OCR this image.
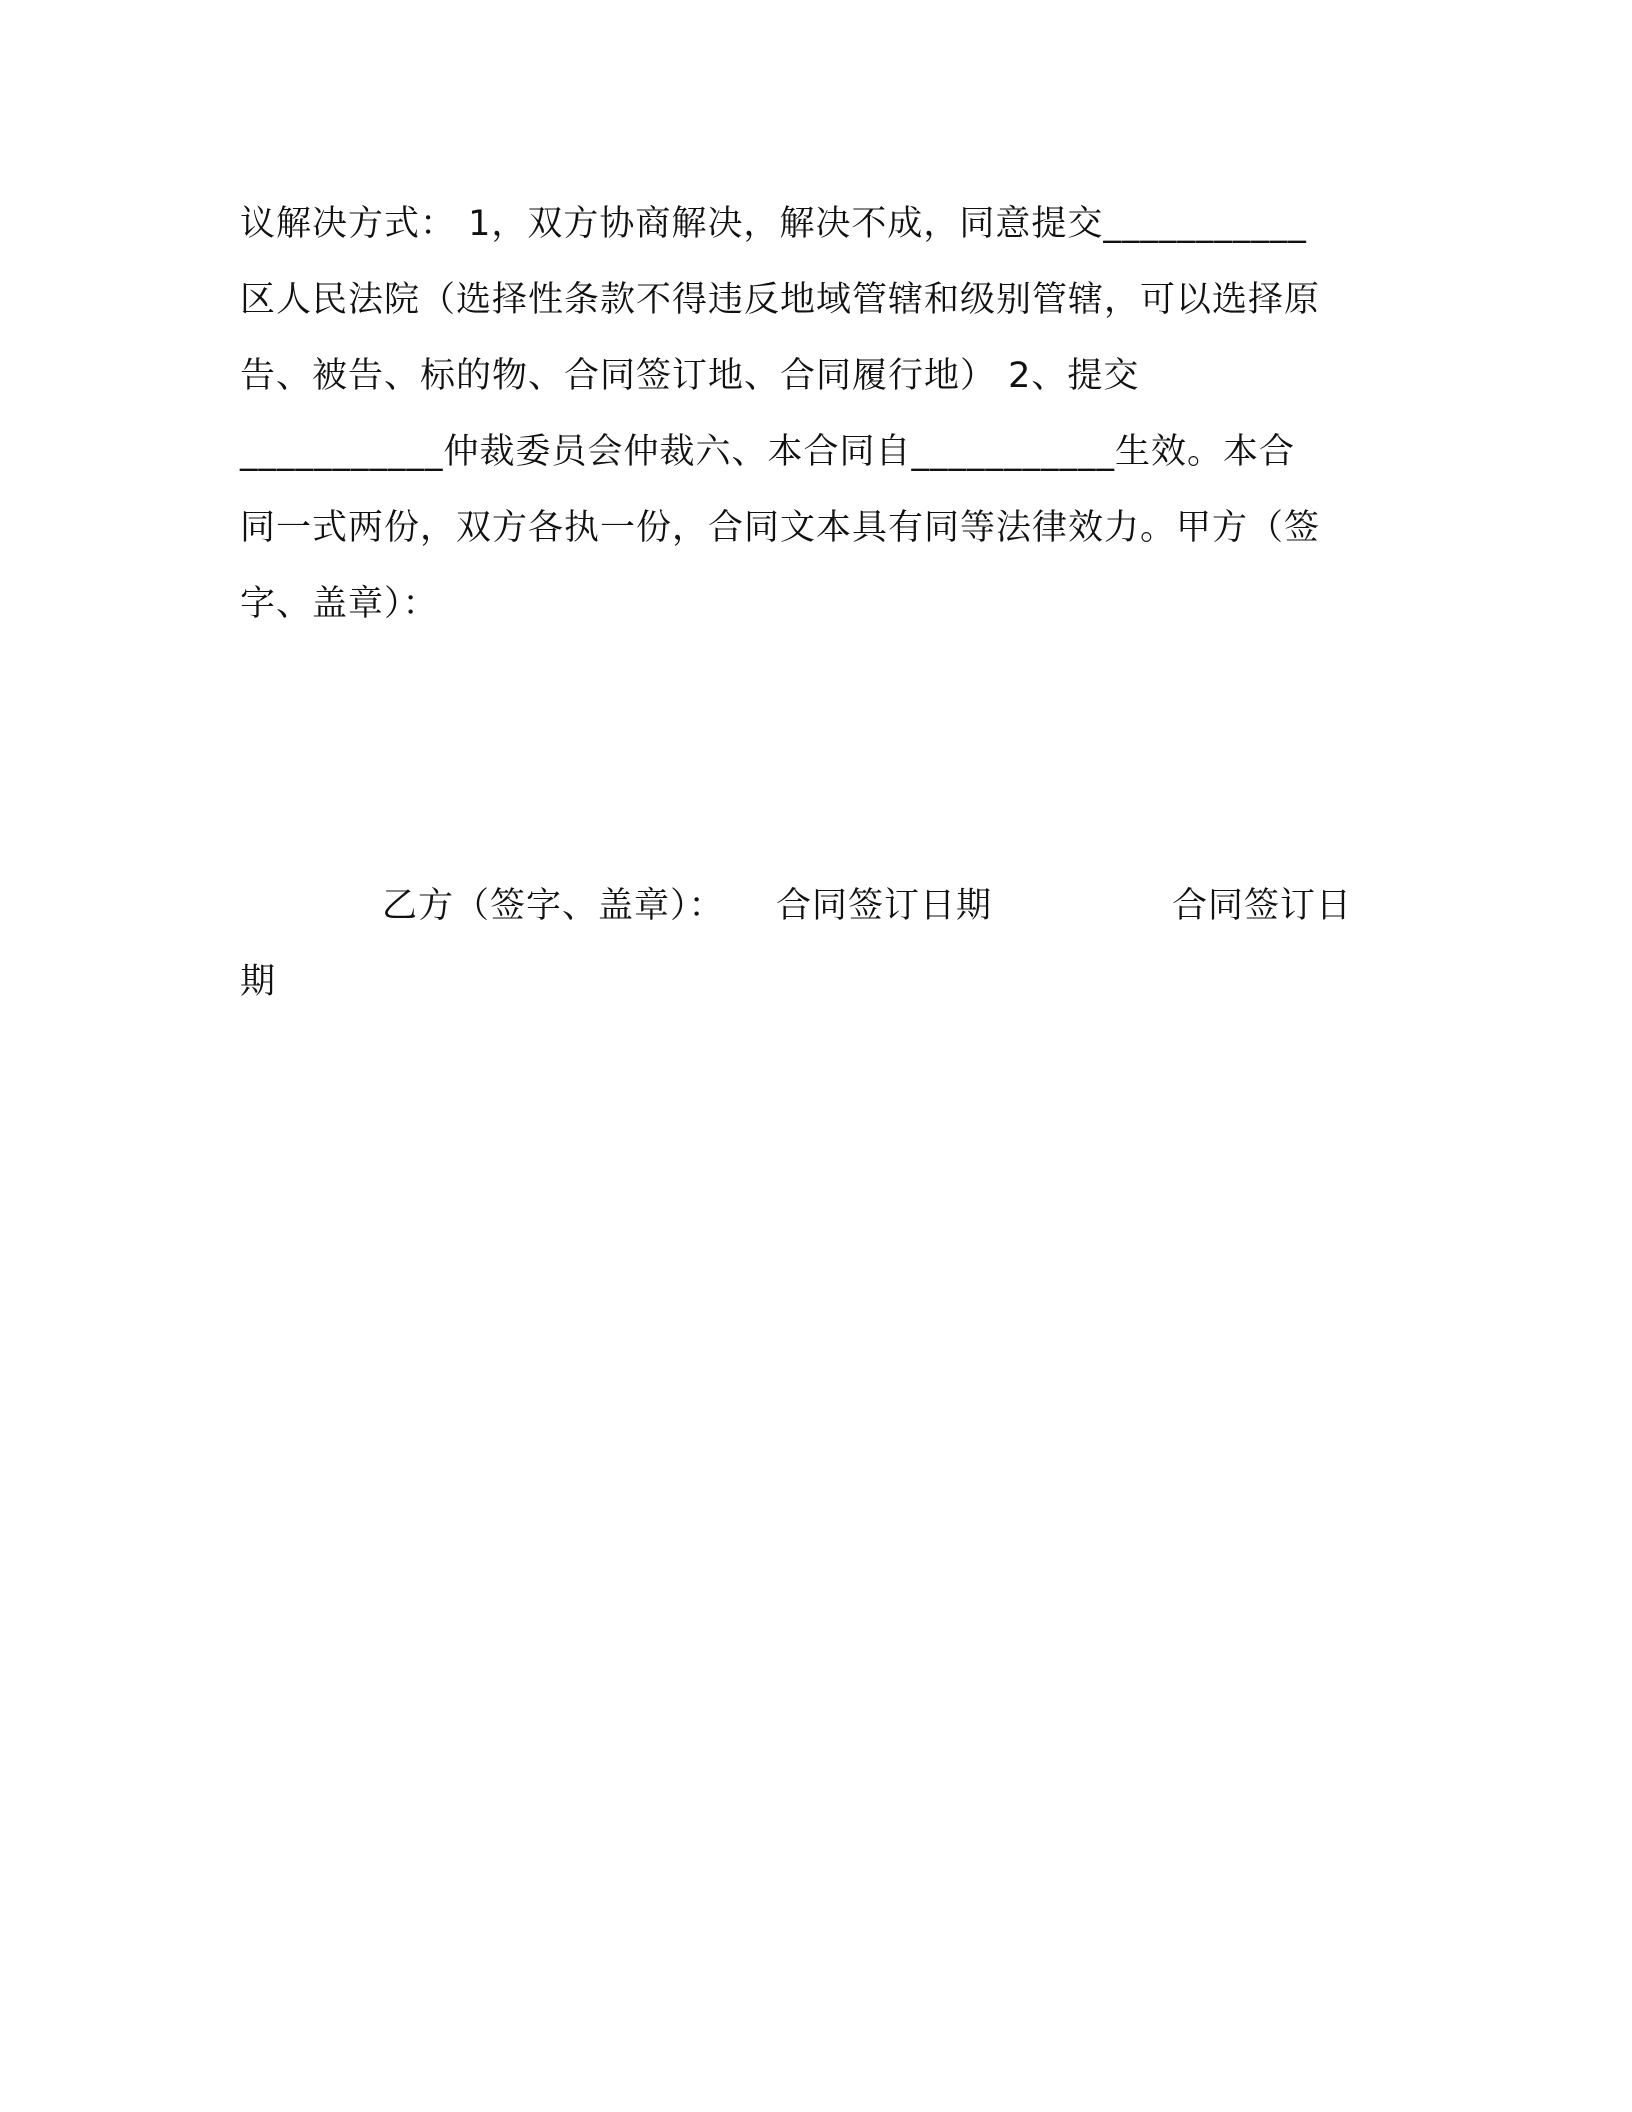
议解决方式： 1，双方协商解决，解决不成，同意提交___________
区人民法院（选择性条款不得违反地域管辖和级别管辖，可以选择原
告、被告、标的物、合同签订地、合同履行地） 2、提交
___________仲裁委员会仲裁六、本合同自___________生效。本合
同一式两份，双方各执一份，合同文本具有同等法律效力。甲方（签
字、盖章）：
乙方（签字、盖章）： 合同签订日期	合同签订日
期
